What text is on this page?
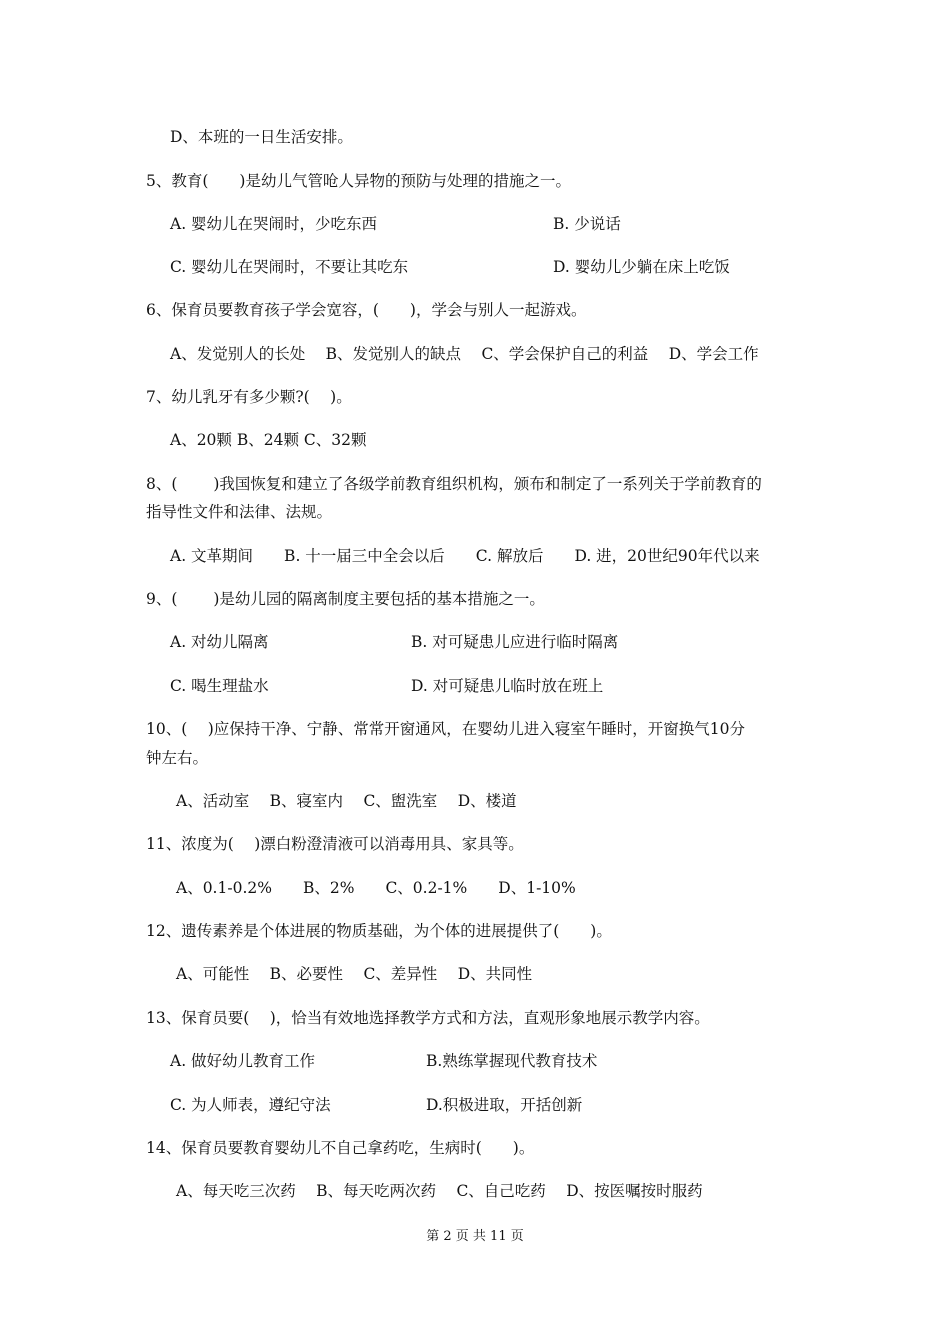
D、本班的一日生活安排。
5、教育(　　)是幼儿气管呛人异物的预防与处理的措施之一。
A. 婴幼儿在哭闹时，少吃东西	B. 少说话
C. 婴幼儿在哭闹时，不要让其吃东	D. 婴幼儿少躺在床上吃饭
6、保育员要教育孩子学会宽容，(　　)，学会与别人一起游戏。
A、发觉别人的长处　 B、发觉别人的缺点　 C、学会保护自己的利益　 D、学会工作
7、幼儿乳牙有多少颗?(　 )。
A、20颗 B、24颗 C、32颗
8、(　　 )我国恢复和建立了各级学前教育组织机构，颁布和制定了一系列关于学前教育的
指导性文件和法律、法规。
A. 文革期间　　B. 十一届三中全会以后　　C. 解放后　　D. 进，20世纪90年代以来
9、(　　 )是幼儿园的隔离制度主要包括的基本措施之一。
A. 对幼儿隔离	B. 对可疑患儿应进行临时隔离
C. 喝生理盐水	D. 对可疑患儿临时放在班上
10、( 　)应保持干净、宁静、常常开窗通风，在婴幼儿进入寝室午睡时，开窗换气10分
钟左右。
A、活动室　 B、寝室内　 C、盥洗室　 D、楼道
11、浓度为(　 )漂白粉澄清液可以消毒用具、家具等。
A、0.1-0.2%　　B、2%　　C、0.2-1%　　D、1-10%
12、遗传素养是个体进展的物质基础，为个体的进展提供了(　　)。
A、可能性　 B、必要性　 C、差异性　 D、共同性
13、保育员要( 　)，恰当有效地选择教学方式和方法，直观形象地展示教学内容。
A. 做好幼儿教育工作	B.熟练掌握现代教育技术
C. 为人师表，遵纪守法	D.积极进取，开括创新
14、保育员要教育婴幼儿不自己拿药吃，生病时(　　)。
A、每天吃三次药　 B、每天吃两次药　 C、自己吃药　 D、按医嘱按时服药
第 2 页 共 11 页
